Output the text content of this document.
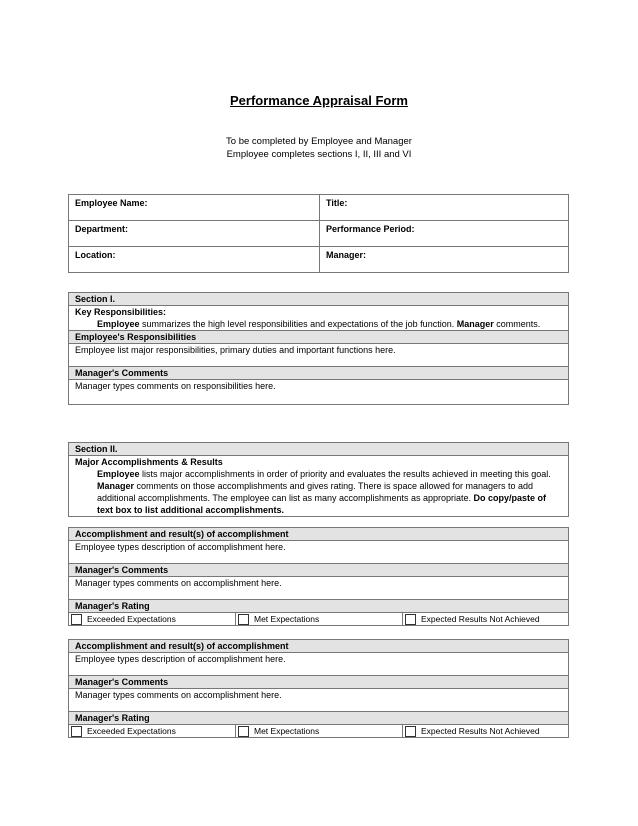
Performance Appraisal Form
To be completed by Employee and Manager
Employee completes sections I, II, III and VI
Employee Name:	Title:
Department:	Performance Period:
Location:	Manager:
Section I.
Key Responsibilities:
Employee summarizes the high level responsibilities and expectations of the job function. Manager comments.

Employee's Responsibilities
Employee list major responsibilities, primary duties and important functions here.
Manager's Comments
Manager types comments on responsibilities here.
Section II.
Major Accomplishments & Results
Employee lists major accomplishments in order of priority and evaluates the results achieved in meeting this goal. Manager comments on those accomplishments and gives rating. There is space allowed for managers to add additional accomplishments. The employee can list as many accomplishments as appropriate. Do copy/paste of text box to list additional accomplishments.
Accomplishment and result(s) of accomplishment
Employee types description of accomplishment here.
Manager's Comments
Manager types comments on accomplishment here.
Manager's Rating
Exceeded Expectations	Met Expectations	Expected Results Not Achieved
Accomplishment and result(s) of accomplishment
Employee types description of accomplishment here.
Manager's Comments
Manager types comments on accomplishment here.
Manager's Rating
Exceeded Expectations	Met Expectations	Expected Results Not Achieved
